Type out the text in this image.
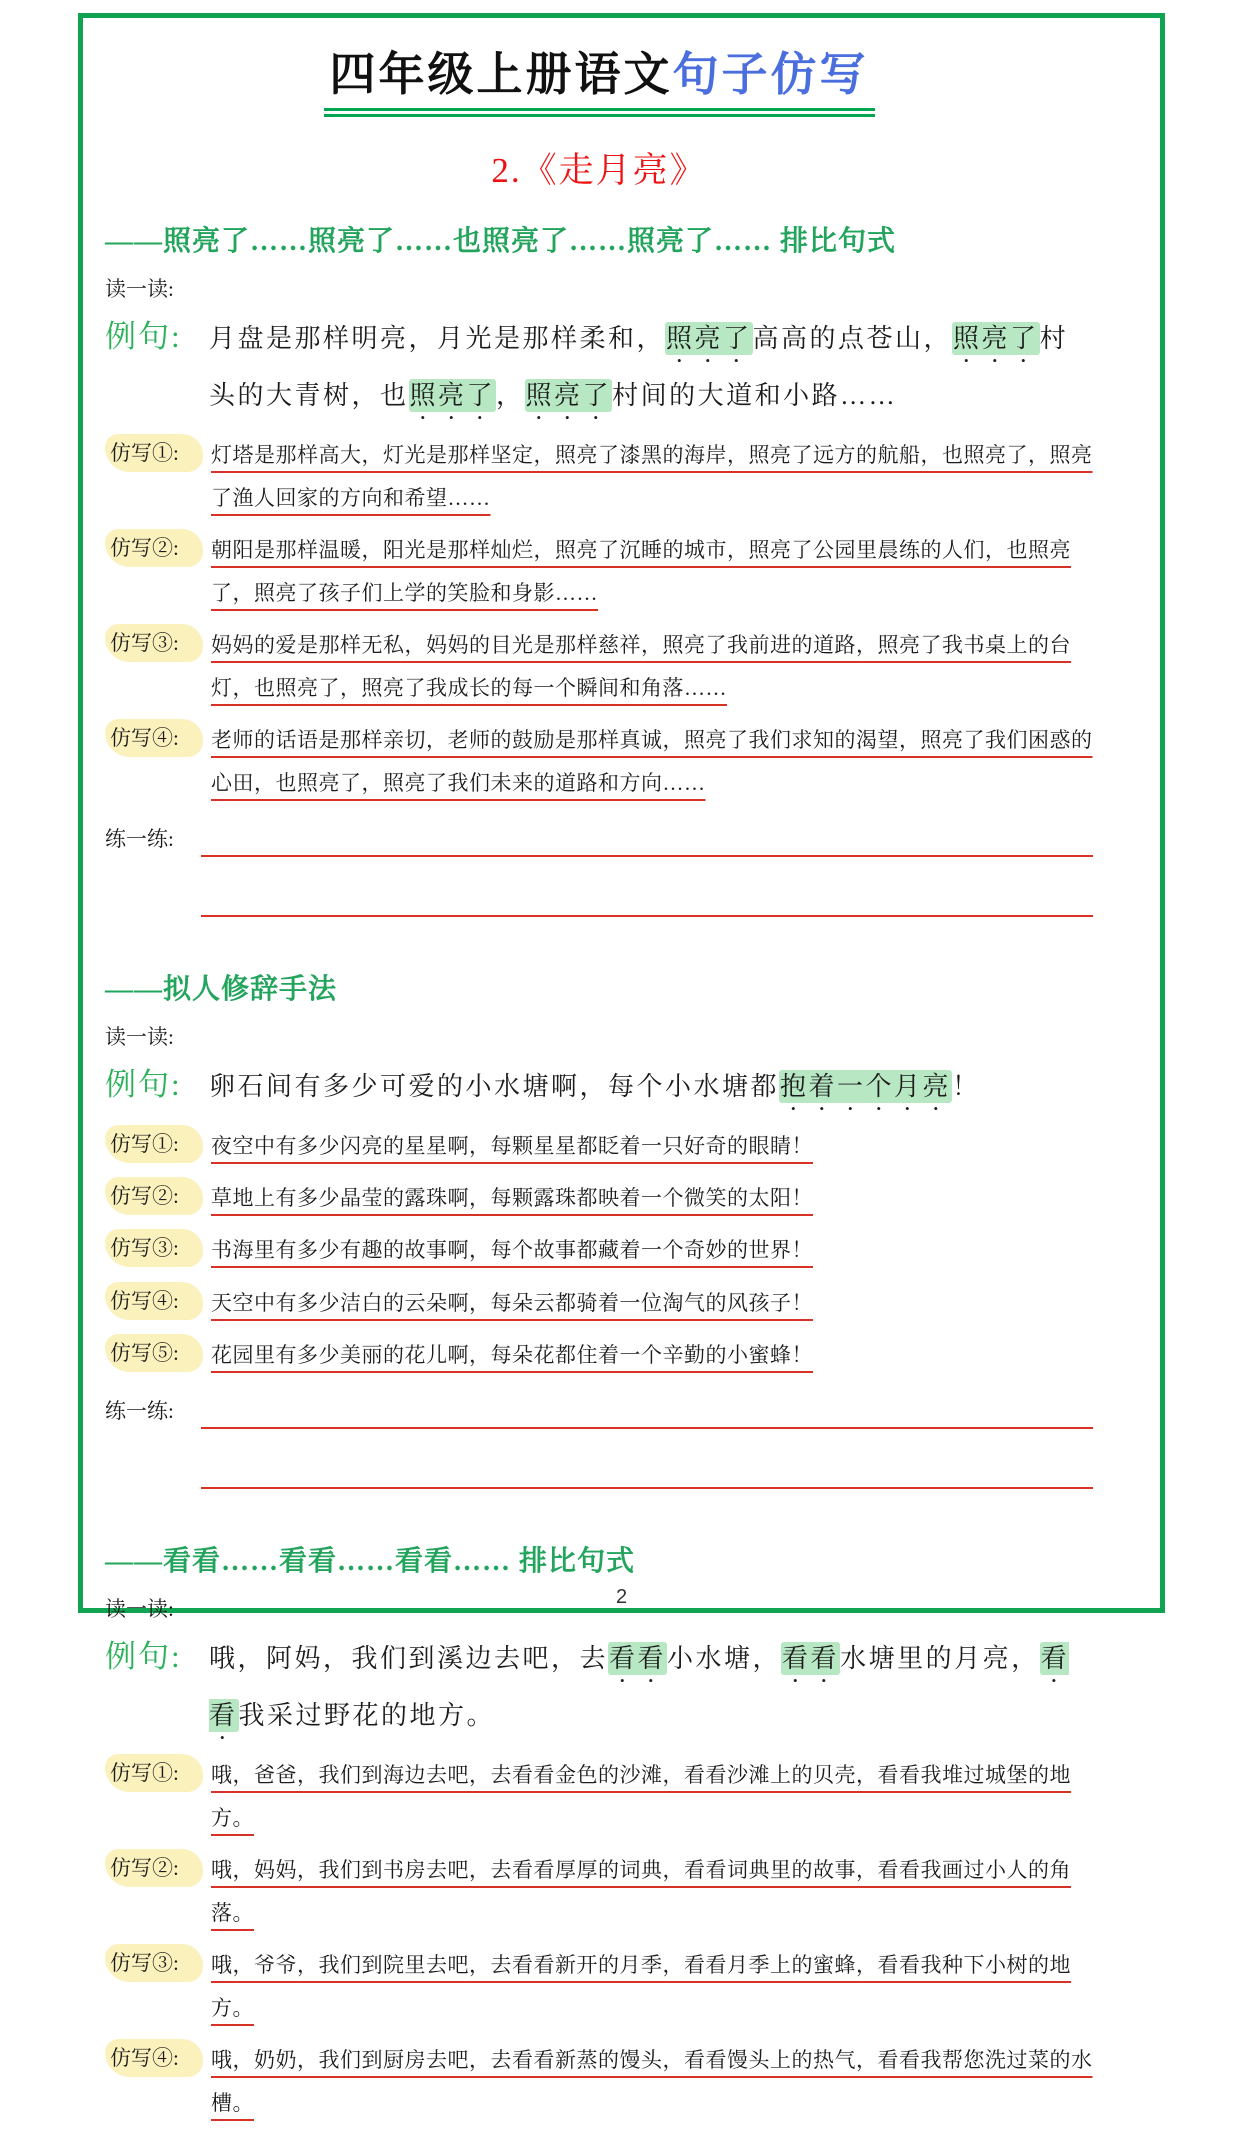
四年级上册语文句子仿写
2.《走月亮》
——照亮了……照亮了……也照亮了……照亮了…… 排比句式
读一读:
例句:	月盘是那样明亮，月光是那样柔和，照亮了高高的点苍山，照亮了村头的大青树，也照亮了，照亮了村间的大道和小路……

仿写①:	灯塔是那样高大，灯光是那样坚定，照亮了漆黑的海岸，照亮了远方的航船，也照亮了，照亮了渔人回家的方向和希望……
仿写②:	朝阳是那样温暖，阳光是那样灿烂，照亮了沉睡的城市，照亮了公园里晨练的人们，也照亮了，照亮了孩子们上学的笑脸和身影……
仿写③:	妈妈的爱是那样无私，妈妈的目光是那样慈祥，照亮了我前进的道路，照亮了我书桌上的台灯，也照亮了，照亮了我成长的每一个瞬间和角落……
仿写④:	老师的话语是那样亲切，老师的鼓励是那样真诚，照亮了我们求知的渴望，照亮了我们困惑的心田，也照亮了，照亮了我们未来的道路和方向……
练一练:
——拟人修辞手法
读一读:
例句:	卵石间有多少可爱的小水塘啊，每个小水塘都抱着一个月亮！

仿写①:	夜空中有多少闪亮的星星啊，每颗星星都眨着一只好奇的眼睛！
仿写②:	草地上有多少晶莹的露珠啊，每颗露珠都映着一个微笑的太阳！
仿写③:	书海里有多少有趣的故事啊，每个故事都藏着一个奇妙的世界！
仿写④:	天空中有多少洁白的云朵啊，每朵云都骑着一位淘气的风孩子！
仿写⑤:	花园里有多少美丽的花儿啊，每朵花都住着一个辛勤的小蜜蜂！
练一练:
——看看……看看……看看…… 排比句式
读一读:
例句:	哦，阿妈，我们到溪边去吧，去看看小水塘，看看水塘里的月亮，看看我采过野花的地方。

仿写①:	哦，爸爸，我们到海边去吧，去看看金色的沙滩，看看沙滩上的贝壳，看看我堆过城堡的地方。
仿写②:	哦，妈妈，我们到书房去吧，去看看厚厚的词典，看看词典里的故事，看看我画过小人的角落。
仿写③:	哦，爷爷，我们到院里去吧，去看看新开的月季，看看月季上的蜜蜂，看看我种下小树的地方。
仿写④:	哦，奶奶，我们到厨房去吧，去看看新蒸的馒头，看看馒头上的热气，看看我帮您洗过菜的水槽。
2
